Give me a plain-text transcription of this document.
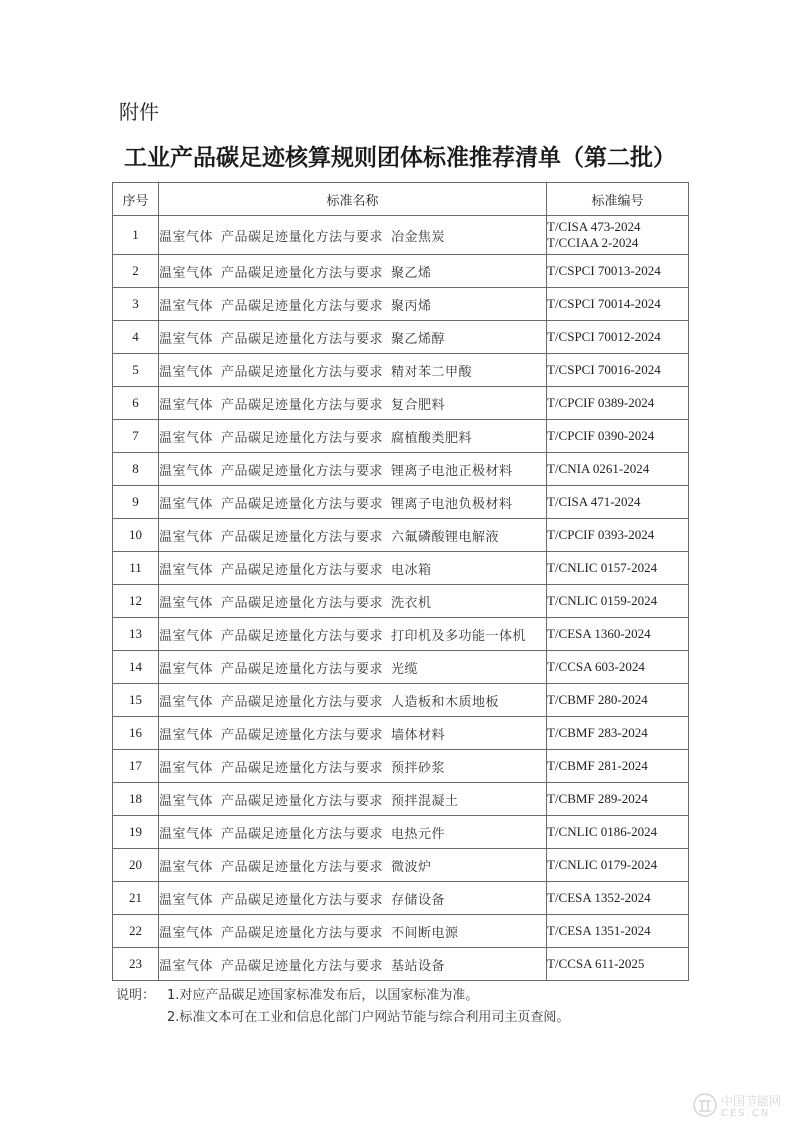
附件
工业产品碳足迹核算规则团体标准推荐清单（第二批）
序号	标准名称	标准编号
1	温室气体 产品碳足迹量化方法与要求 冶金焦炭	T/CISA 473-2024
T/CCIAA 2-2024
2	温室气体 产品碳足迹量化方法与要求 聚乙烯	T/CSPCI 70013-2024
3	温室气体 产品碳足迹量化方法与要求 聚丙烯	T/CSPCI 70014-2024
4	温室气体 产品碳足迹量化方法与要求 聚乙烯醇	T/CSPCI 70012-2024
5	温室气体 产品碳足迹量化方法与要求 精对苯二甲酸	T/CSPCI 70016-2024
6	温室气体 产品碳足迹量化方法与要求 复合肥料	T/CPCIF 0389-2024
7	温室气体 产品碳足迹量化方法与要求 腐植酸类肥料	T/CPCIF 0390-2024
8	温室气体 产品碳足迹量化方法与要求 锂离子电池正极材料	T/CNIA 0261-2024
9	温室气体 产品碳足迹量化方法与要求 锂离子电池负极材料	T/CISA 471-2024
10	温室气体 产品碳足迹量化方法与要求 六氟磷酸锂电解液	T/CPCIF 0393-2024
11	温室气体 产品碳足迹量化方法与要求 电冰箱	T/CNLIC 0157-2024
12	温室气体 产品碳足迹量化方法与要求 洗衣机	T/CNLIC 0159-2024
13	温室气体 产品碳足迹量化方法与要求 打印机及多功能一体机	T/CESA 1360-2024
14	温室气体 产品碳足迹量化方法与要求 光缆	T/CCSA 603-2024
15	温室气体 产品碳足迹量化方法与要求 人造板和木质地板	T/CBMF 280-2024
16	温室气体 产品碳足迹量化方法与要求 墙体材料	T/CBMF 283-2024
17	温室气体 产品碳足迹量化方法与要求 预拌砂浆	T/CBMF 281-2024
18	温室气体 产品碳足迹量化方法与要求 预拌混凝土	T/CBMF 289-2024
19	温室气体 产品碳足迹量化方法与要求 电热元件	T/CNLIC 0186-2024
20	温室气体 产品碳足迹量化方法与要求 微波炉	T/CNLIC 0179-2024
21	温室气体 产品碳足迹量化方法与要求 存储设备	T/CESA 1352-2024
22	温室气体 产品碳足迹量化方法与要求 不间断电源	T/CESA 1351-2024
23	温室气体 产品碳足迹量化方法与要求 基站设备	T/CCSA 611-2025
说明： 1.对应产品碳足迹国家标准发布后，以国家标准为准。
2.标准文本可在工业和信息化部门户网站节能与综合利用司主页查阅。
中国节能网
CES.CN
